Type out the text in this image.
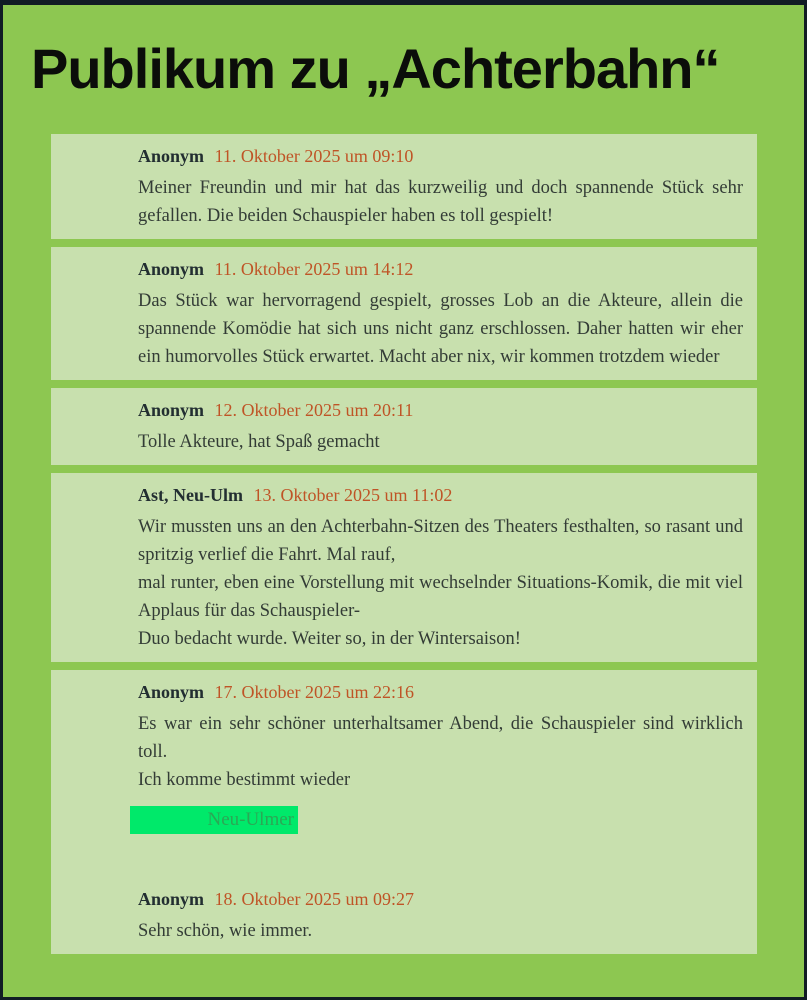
Publikum zu „Achterbahn“

Anonym 11. Oktober 2025 um 09:10

Meiner Freundin und mir hat das kurzweilig und doch spannende Stück sehr gefallen. Die beiden Schauspieler haben es toll gespielt!

Anonym 11. Oktober 2025 um 14:12

Das Stück war hervorragend gespielt, grosses Lob an die Akteure, allein die spannende Komödie hat sich uns nicht ganz erschlossen. Daher hatten wir eher ein humorvolles Stück erwartet. Macht aber nix, wir kommen trotzdem wieder

Anonym 12. Oktober 2025 um 20:11

Tolle Akteure, hat Spaß gemacht

Ast, Neu-Ulm 13. Oktober 2025 um 11:02

Wir mussten uns an den Achterbahn-Sitzen des Theaters festhalten, so rasant und spritzig verlief die Fahrt. Mal rauf,

mal runter, eben eine Vorstellung mit wechselnder Situations-Komik, die mit viel Applaus für das Schauspieler-

Duo bedacht wurde. Weiter so, in der Wintersaison!

Anonym 17. Oktober 2025 um 22:16

Es war ein sehr schöner unterhaltsamer Abend, die Schauspieler sind wirklich toll.

Ich komme bestimmt wieder

Neu-Ulmer

Anonym 18. Oktober 2025 um 09:27

Sehr schön, wie immer.
